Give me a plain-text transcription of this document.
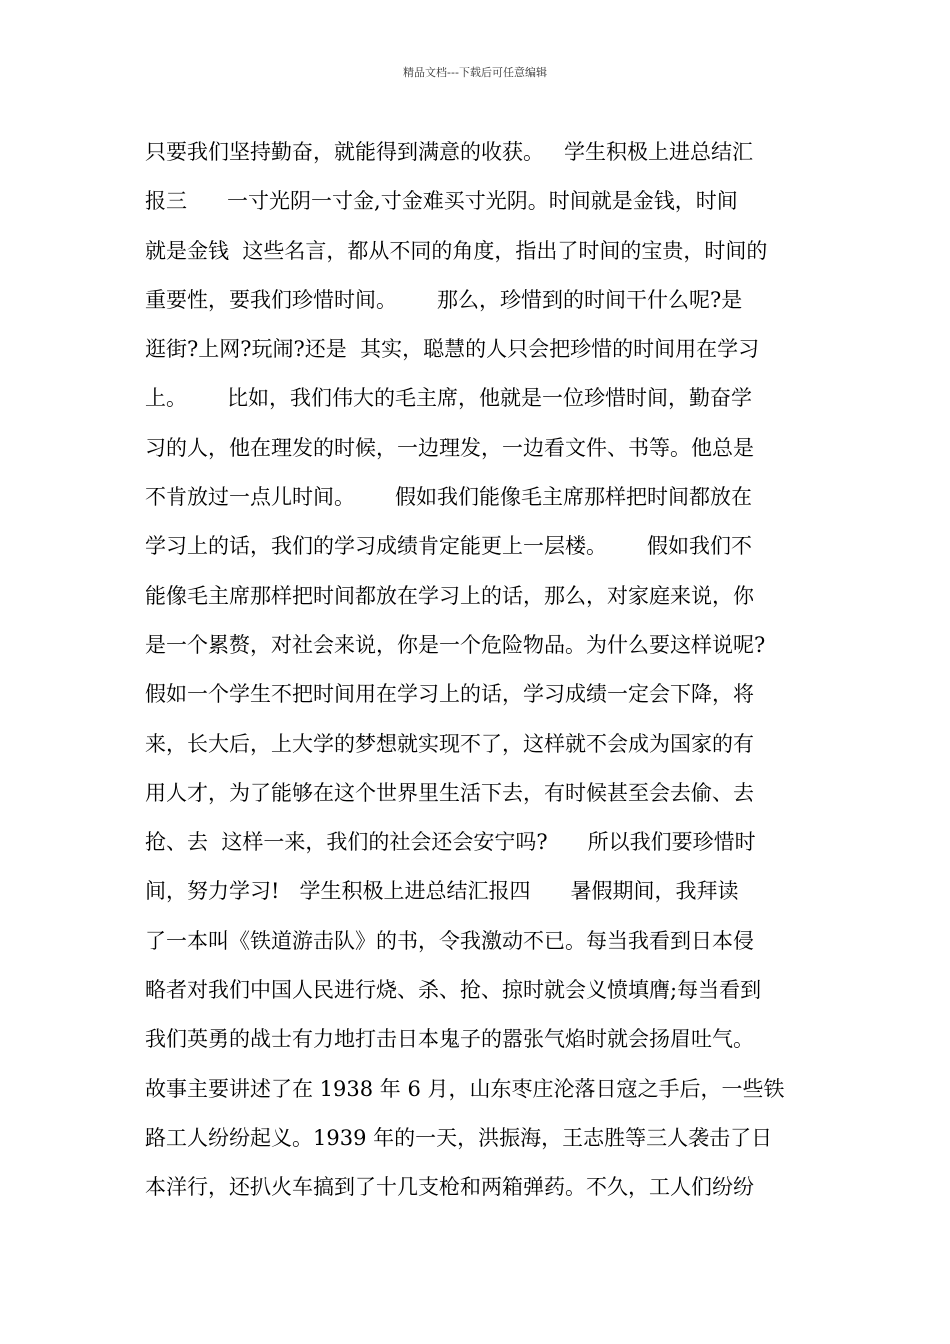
精品文档---下载后可任意编辑
只要我们坚持勤奋，就能得到满意的收获。   学生积极上进总结汇
报三      一寸光阴一寸金,寸金难买寸光阴。时间就是金钱，时间
就是金钱  这些名言，都从不同的角度，指出了时间的宝贵，时间的
重要性，要我们珍惜时间。      那么，珍惜到的时间干什么呢?是
逛街?上网?玩闹?还是  其实，聪慧的人只会把珍惜的时间用在学习
上。      比如，我们伟大的毛主席，他就是一位珍惜时间，勤奋学
习的人，他在理发的时候，一边理发，一边看文件、书等。他总是
不肯放过一点儿时间。      假如我们能像毛主席那样把时间都放在
学习上的话，我们的学习成绩肯定能更上一层楼。      假如我们不
能像毛主席那样把时间都放在学习上的话，那么，对家庭来说，你
是一个累赘，对社会来说，你是一个危险物品。为什么要这样说呢?
假如一个学生不把时间用在学习上的话，学习成绩一定会下降，将
来，长大后，上大学的梦想就实现不了，这样就不会成为国家的有
用人才，为了能够在这个世界里生活下去，有时候甚至会去偷、去
抢、去  这样一来，我们的社会还会安宁吗?      所以我们要珍惜时
间，努力学习!   学生积极上进总结汇报四      暑假期间，我拜读
了一本叫《铁道游击队》的书，令我激动不已。每当我看到日本侵
略者对我们中国人民进行烧、杀、抢、掠时就会义愤填膺;每当看到
我们英勇的战士有力地打击日本鬼子的嚣张气焰时就会扬眉吐气。
故事主要讲述了在 1938 年 6 月，山东枣庄沦落日寇之手后，一些铁
路工人纷纷起义。1939 年的一天，洪振海，王志胜等三人袭击了日
本洋行，还扒火车搞到了十几支枪和两箱弹药。不久，工人们纷纷
